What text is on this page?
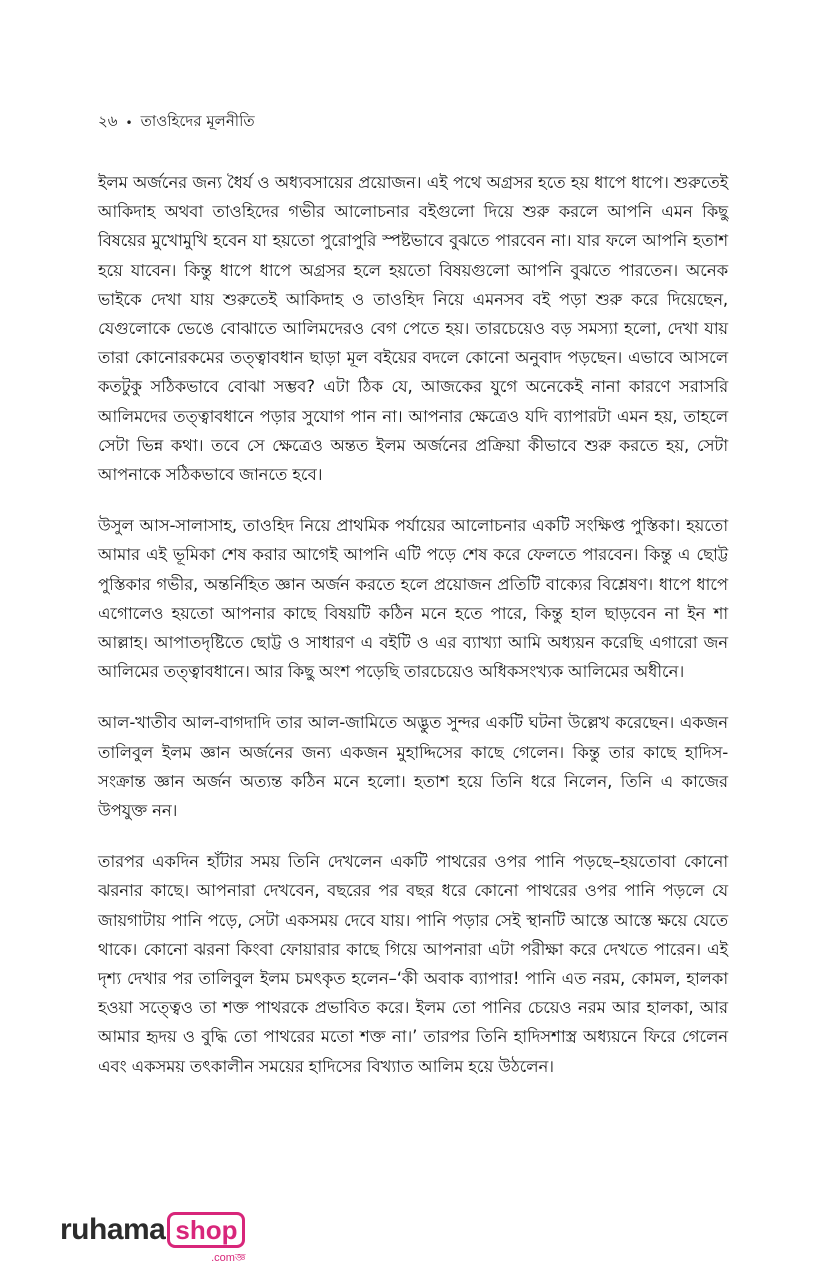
২৬ • তাওহিদের মূলনীতি

ইলম অর্জনের জন্য ধৈর্য ও অধ্যবসায়ের প্রয়োজন। এই পথে অগ্রসর হতে হয় ধাপে ধাপে। শুরুতেই আকিদাহ অথবা তাওহিদের গভীর আলোচনার বইগুলো দিয়ে শুরু করলে আপনি এমন কিছু বিষয়ের মুখোমুখি হবেন যা হয়তো পুরোপুরি স্পষ্টভাবে বুঝতে পারবেন না। যার ফলে আপনি হতাশ হয়ে যাবেন। কিন্তু ধাপে ধাপে অগ্রসর হলে হয়তো বিষয়গুলো আপনি বুঝতে পারতেন। অনেক ভাইকে দেখা যায় শুরুতেই আকিদাহ ও তাওহিদ নিয়ে এমনসব বই পড়া শুরু করে দিয়েছেন, যেগুলোকে ভেঙে বোঝাতে আলিমদেরও বেগ পেতে হয়। তারচেয়েও বড় সমস্যা হলো, দেখা যায় তারা কোনোরকমের তত্ত্বাবধান ছাড়া মূল বইয়ের বদলে কোনো অনুবাদ পড়ছেন। এভাবে আসলে কতটুকু সঠিকভাবে বোঝা সম্ভব? এটা ঠিক যে, আজকের যুগে অনেকেই নানা কারণে সরাসরি আলিমদের তত্ত্বাবধানে পড়ার সুযোগ পান না। আপনার ক্ষেত্রেও যদি ব্যাপারটা এমন হয়, তাহলে সেটা ভিন্ন কথা। তবে সে ক্ষেত্রেও অন্তত ইলম অর্জনের প্রক্রিয়া কীভাবে শুরু করতে হয়, সেটা আপনাকে সঠিকভাবে জানতে হবে।

উসুল আস-সালাসাহ, তাওহিদ নিয়ে প্রাথমিক পর্যায়ের আলোচনার একটি সংক্ষিপ্ত পুস্তিকা। হয়তো আমার এই ভূমিকা শেষ করার আগেই আপনি এটি পড়ে শেষ করে ফেলতে পারবেন। কিন্তু এ ছোট্ট পুস্তিকার গভীর, অন্তর্নিহিত জ্ঞান অর্জন করতে হলে প্রয়োজন প্রতিটি বাক্যের বিশ্লেষণ। ধাপে ধাপে এগোলেও হয়তো আপনার কাছে বিষয়টি কঠিন মনে হতে পারে, কিন্তু হাল ছাড়বেন না ইন শা আল্লাহ। আপাতদৃষ্টিতে ছোট্ট ও সাধারণ এ বইটি ও এর ব্যাখ্যা আমি অধ্যয়ন করেছি এগারো জন আলিমের তত্ত্বাবধানে। আর কিছু অংশ পড়েছি তারচেয়েও অধিকসংখ্যক আলিমের অধীনে।

আল-খাতীব আল-বাগদাদি তার আল-জামিতে অদ্ভুত সুন্দর একটি ঘটনা উল্লেখ করেছেন। একজন তালিবুল ইলম জ্ঞান অর্জনের জন্য একজন মুহাদ্দিসের কাছে গেলেন। কিন্তু তার কাছে হাদিস-সংক্রান্ত জ্ঞান অর্জন অত্যন্ত কঠিন মনে হলো। হতাশ হয়ে তিনি ধরে নিলেন, তিনি এ কাজের উপযুক্ত নন।

তারপর একদিন হাঁটার সময় তিনি দেখলেন একটি পাথরের ওপর পানি পড়ছে–হয়তোবা কোনো ঝরনার কাছে। আপনারা দেখবেন, বছরের পর বছর ধরে কোনো পাথরের ওপর পানি পড়লে যে জায়গাটায় পানি পড়ে, সেটা একসময় দেবে যায়। পানি পড়ার সেই স্থানটি আস্তে আস্তে ক্ষয়ে যেতে থাকে। কোনো ঝরনা কিংবা ফোয়ারার কাছে গিয়ে আপনারা এটা পরীক্ষা করে দেখতে পারেন। এই দৃশ্য দেখার পর তালিবুল ইলম চমৎকৃত হলেন–‘কী অবাক ব্যাপার! পানি এত নরম, কোমল, হালকা হওয়া সত্ত্বেও তা শক্ত পাথরকে প্রভাবিত করে। ইলম তো পানির চেয়েও নরম আর হালকা, আর আমার হৃদয় ও বুদ্ধি তো পাথরের মতো শক্ত না।’ তারপর তিনি হাদিসশাস্ত্র অধ্যয়নে ফিরে গেলেন এবং একসময় তৎকালীন সময়ের হাদিসের বিখ্যাত আলিম হয়ে উঠলেন।

ruhama shop
.comজ্ঞ
